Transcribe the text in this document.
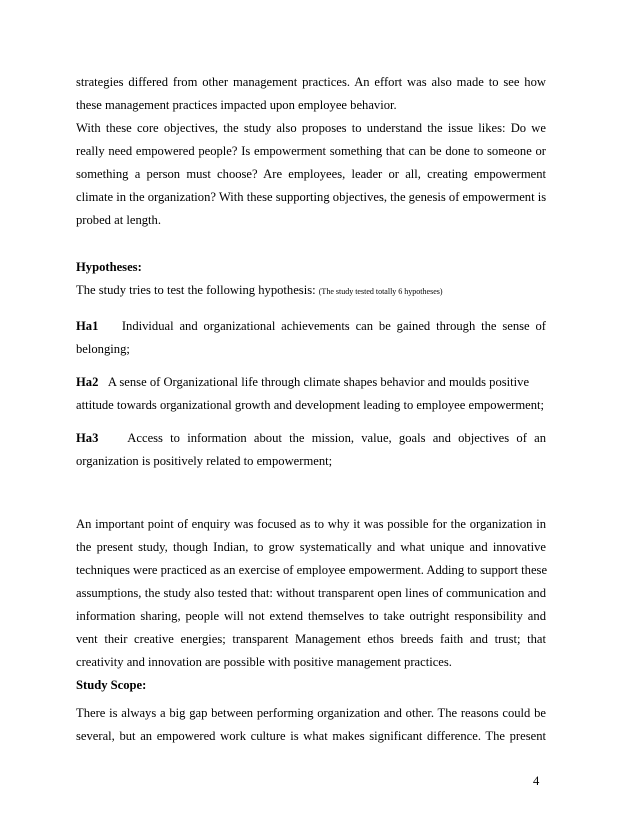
strategies differed from other management practices. An effort was also made to see how
these management practices impacted upon employee behavior.
With these core objectives, the study also proposes to understand the issue likes: Do we
really need empowered people? Is empowerment something that can be done to someone or
something a person must choose? Are employees, leader or all, creating empowerment
climate in the organization? With these supporting objectives, the genesis of empowerment is
probed at length.
Hypotheses:
The study tries to test the following hypothesis: (The study tested totally 6 hypotheses)
Ha1 Individual and organizational achievements can be gained through the sense of
belonging;
Ha2 A sense of Organizational life through climate shapes behavior and moulds positive
attitude towards organizational growth and development leading to employee empowerment;
Ha3 Access to information about the mission, value, goals and objectives of an
organization is positively related to empowerment;
An important point of enquiry was focused as to why it was possible for the organization in
the present study, though Indian, to grow systematically and what unique and innovative
techniques were practiced as an exercise of employee empowerment. Adding to support these
assumptions, the study also tested that: without transparent open lines of communication and
information sharing, people will not extend themselves to take outright responsibility and
vent their creative energies; transparent Management ethos breeds faith and trust; that
creativity and innovation are possible with positive management practices.
Study Scope:
There is always a big gap between performing organization and other. The reasons could be
several, but an empowered work culture is what makes significant difference. The present
4
